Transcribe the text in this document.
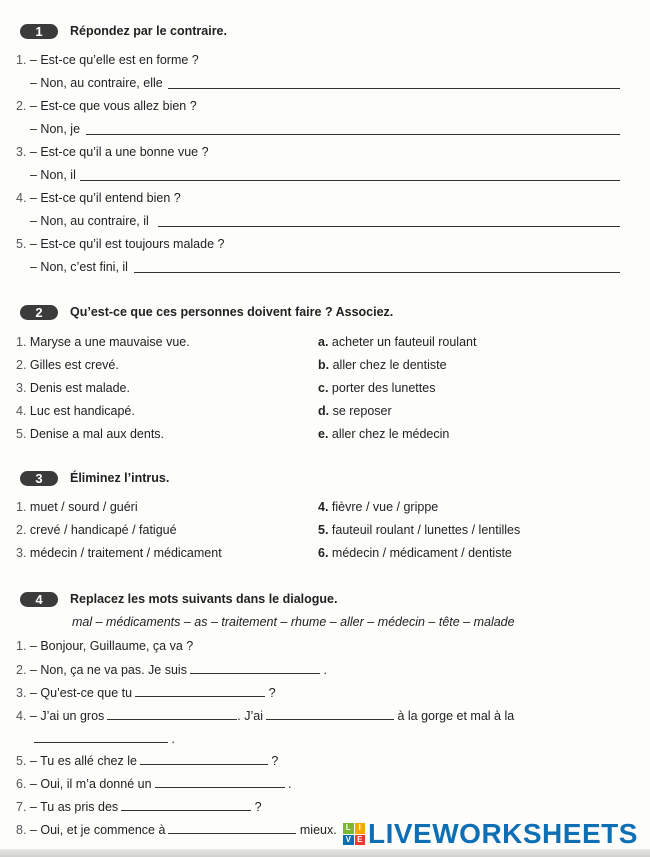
1	Répondez par le contraire.
1. – Est-ce qu’elle est en forme ?
– Non, au contraire, elle
2. – Est-ce que vous allez bien ?
– Non, je
3. – Est-ce qu’il a une bonne vue ?
– Non, il
4. – Est-ce qu’il entend bien ?
– Non, au contraire, il
5. – Est-ce qu’il est toujours malade ?
– Non, c’est fini, il
2	Qu’est-ce que ces personnes doivent faire ? Associez.
1. Maryse a une mauvaise vue.
2. Gilles est crevé.
3. Denis est malade.
4. Luc est handicapé.
5. Denise a mal aux dents.
a. acheter un fauteuil roulant
b. aller chez le dentiste
c. porter des lunettes
d. se reposer
e. aller chez le médecin
3	Éliminez l’intrus.
1. muet / sourd / guéri
2. crevé / handicapé / fatigué
3. médecin / traitement / médicament
4. fièvre / vue / grippe
5. fauteuil roulant / lunettes / lentilles
6. médecin / médicament / dentiste
4	Replacez les mots suivants dans le dialogue.
mal – médicaments – as – traitement – rhume – aller – médecin – tête – malade
1. – Bonjour, Guillaume, ça va ?
2. – Non, ça ne va pas. Je suis	.
3. – Qu’est-ce que tu	?
4. – J’ai un gros	. J’ai	à la gorge et mal à la
.
5. – Tu es allé chez le	?
6. – Oui, il m’a donné un	.
7. – Tu as pris des	?
8. – Oui, et je commence à	mieux.	L I
V E LIVEWORKSHEETS
